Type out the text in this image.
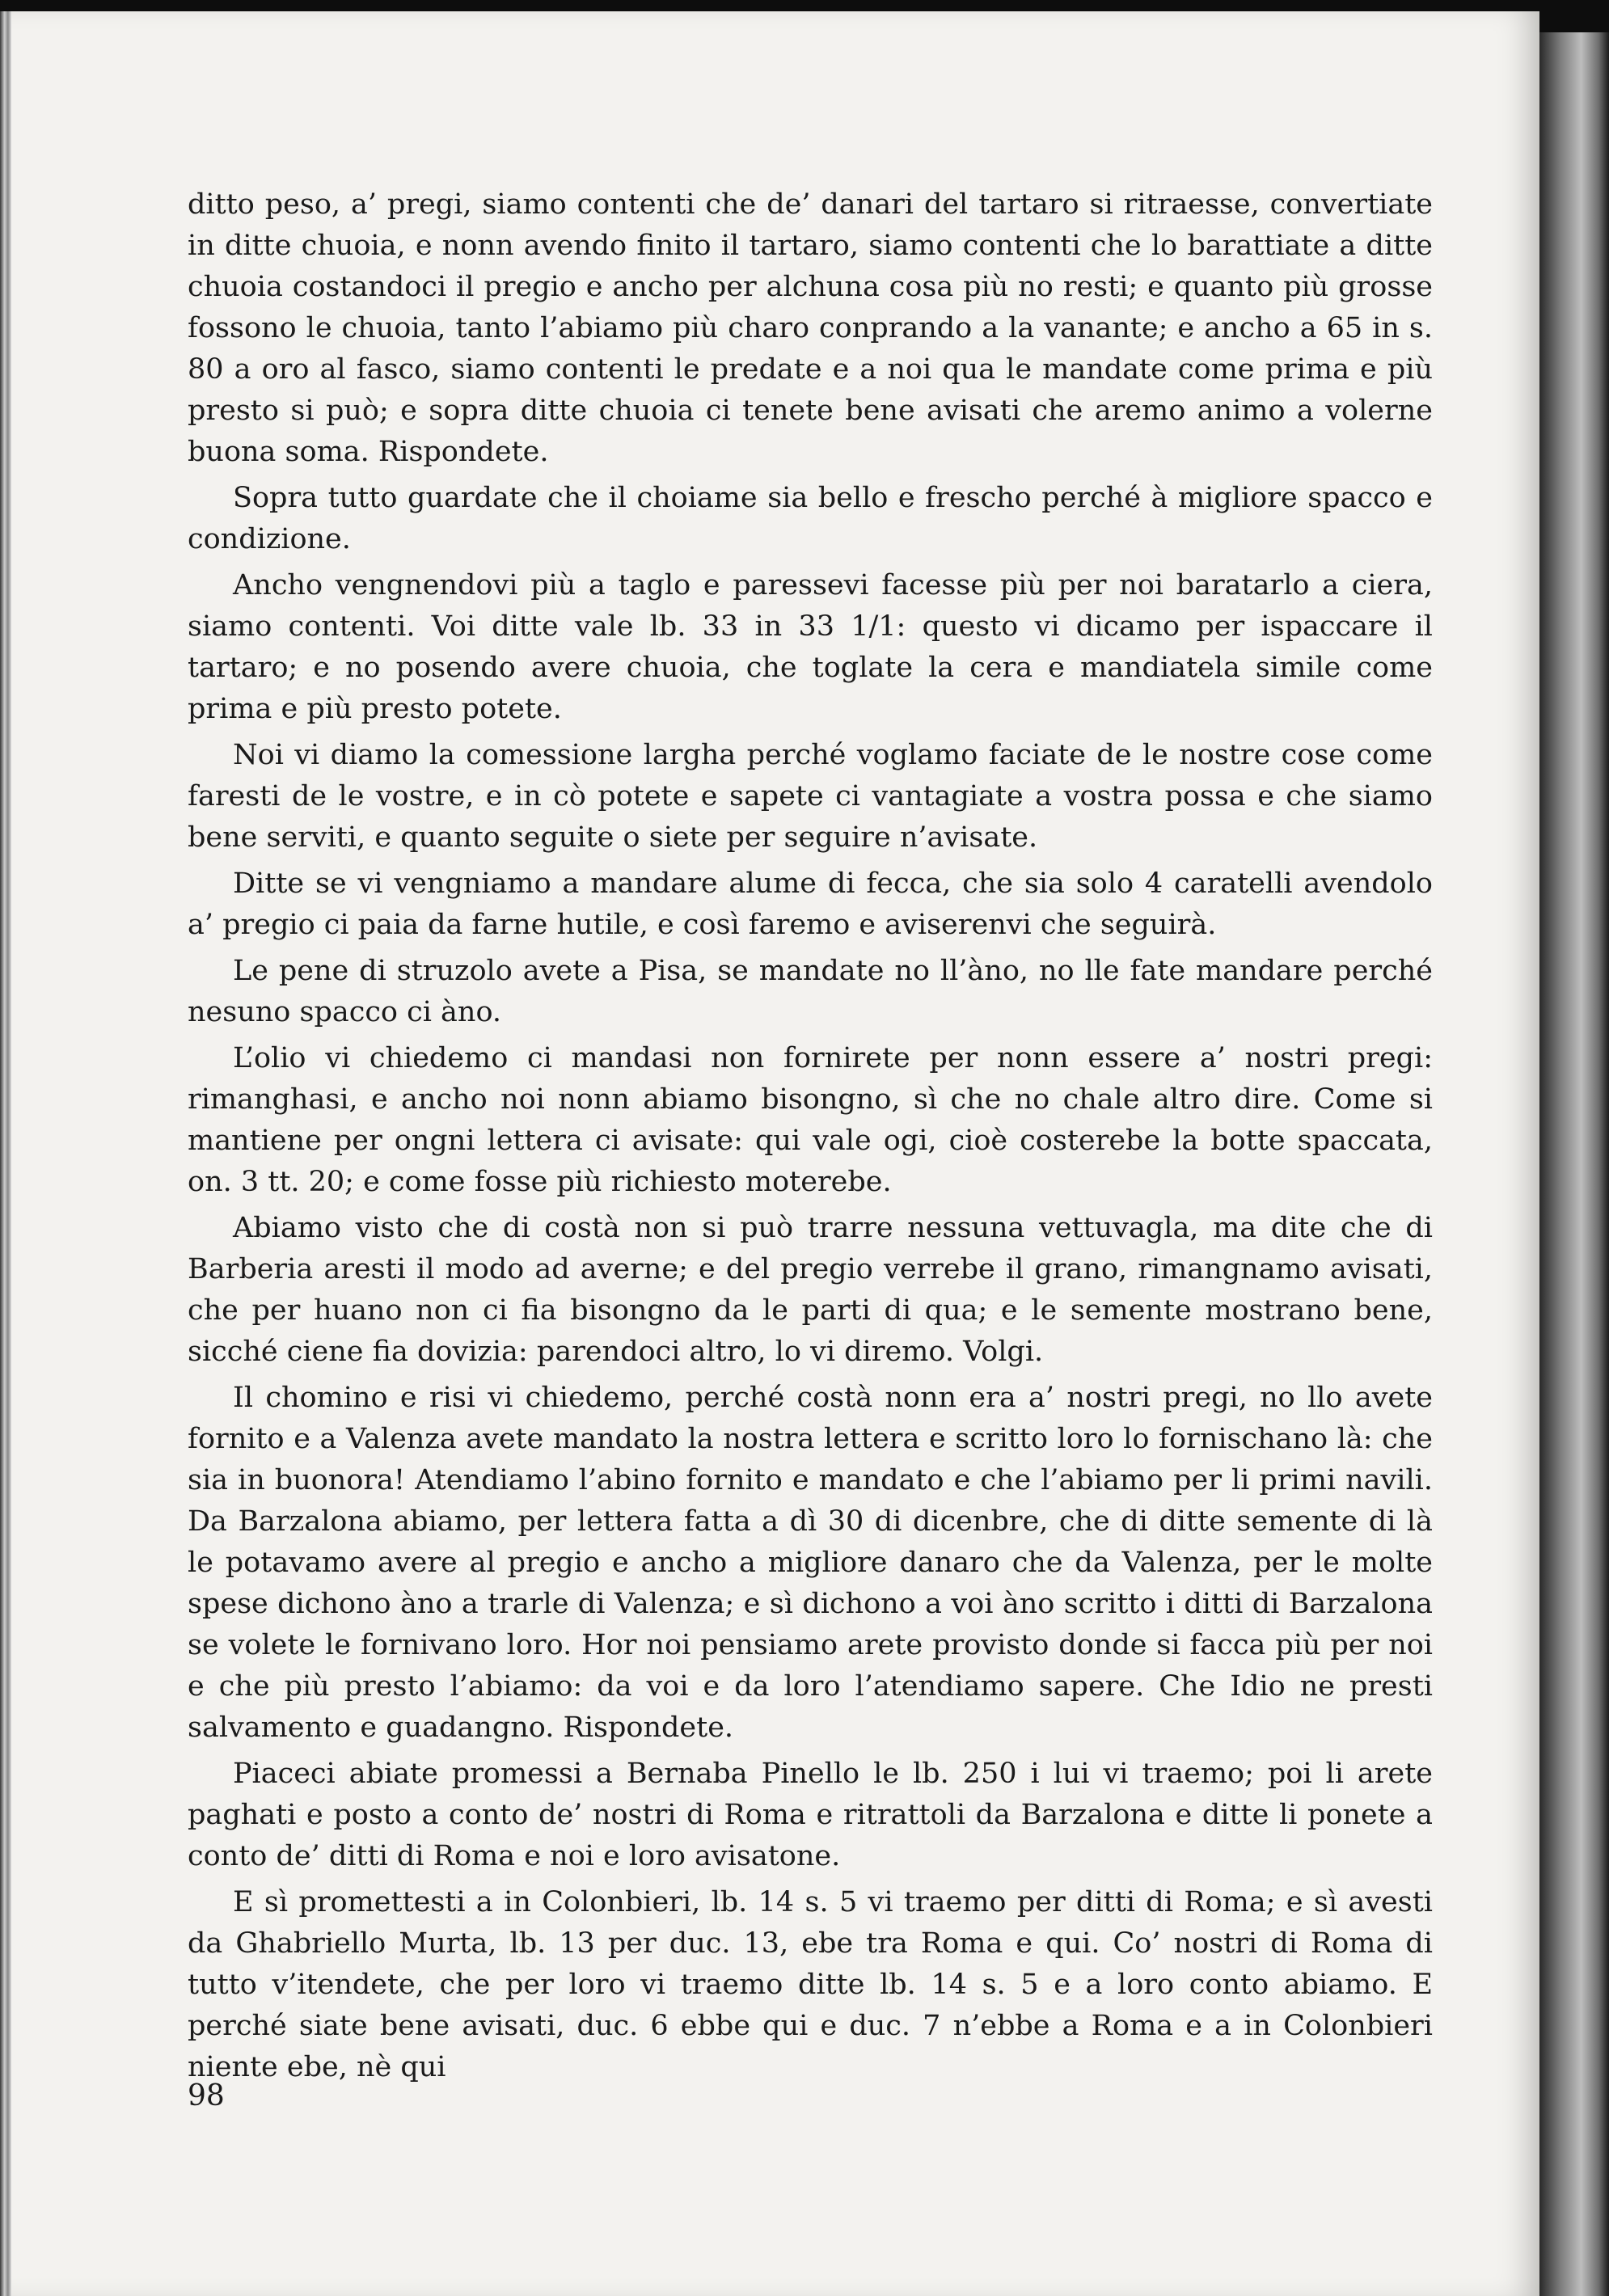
ditto peso, a’ pregi, siamo contenti che de’ danari del tartaro si ritraesse, convertiate in ditte chuoia, e nonn avendo finito il tartaro, siamo contenti che lo barattiate a ditte chuoia costandoci il pregio e ancho per alchuna cosa più no resti; e quanto più grosse fossono le chuoia, tanto l’abiamo più charo conprando a la vanante; e ancho a 65 in s. 80 a oro al fasco, siamo contenti le predate e a noi qua le mandate come prima e più presto si può; e sopra ditte chuoia ci tenete bene avisati che aremo animo a volerne buona soma. Rispondete.

Sopra tutto guardate che il choiame sia bello e frescho perché à migliore spacco e condizione.

Ancho vengnendovi più a taglo e paressevi facesse più per noi baratarlo a ciera, siamo contenti. Voi ditte vale lb. 33 in 33 1/1: questo vi dicamo per ispaccare il tartaro; e no posendo avere chuoia, che toglate la cera e mandiatela simile come prima e più presto potete.

Noi vi diamo la comessione largha perché voglamo faciate de le nostre cose come faresti de le vostre, e in cò potete e sapete ci vantagiate a vostra possa e che siamo bene serviti, e quanto seguite o siete per seguire n’avisate.

Ditte se vi vengniamo a mandare alume di fecca, che sia solo 4 caratelli avendolo a’ pregio ci paia da farne hutile, e così faremo e aviserenvi che seguirà.

Le pene di struzolo avete a Pisa, se mandate no ll’àno, no lle fate mandare perché nesuno spacco ci àno.

L’olio vi chiedemo ci mandasi non fornirete per nonn essere a’ nostri pregi: rimanghasi, e ancho noi nonn abiamo bisongno, sì che no chale altro dire. Come si mantiene per ongni lettera ci avisate: qui vale ogi, cioè costerebe la botte spaccata, on. 3 tt. 20; e come fosse più richiesto moterebe.

Abiamo visto che di costà non si può trarre nessuna vettuvagla, ma dite che di Barberia aresti il modo ad averne; e del pregio verrebe il grano, rimangnamo avisati, che per huano non ci fia bisongno da le parti di qua; e le semente mostrano bene, sicché ciene fia dovizia: parendoci altro, lo vi diremo. Volgi.

Il chomino e risi vi chiedemo, perché costà nonn era a’ nostri pregi, no llo avete fornito e a Valenza avete mandato la nostra lettera e scritto loro lo fornischano là: che sia in buonora! Atendiamo l’abino fornito e mandato e che l’abiamo per li primi navili. Da Barzalona abiamo, per lettera fatta a dì 30 di dicenbre, che di ditte semente di là le potavamo avere al pregio e ancho a migliore danaro che da Valenza, per le molte spese dichono àno a trarle di Valenza; e sì dichono a voi àno scritto i ditti di Barzalona se volete le fornivano loro. Hor noi pensiamo arete provisto donde si facca più per noi e che più presto l’abiamo: da voi e da loro l’atendiamo sapere. Che Idio ne presti salvamento e guadangno. Rispondete.

Piaceci abiate promessi a Bernaba Pinello le lb. 250 i lui vi traemo; poi li arete paghati e posto a conto de’ nostri di Roma e ritrattoli da Barzalona e ditte li ponete a conto de’ ditti di Roma e noi e loro avisatone.

E sì promettesti a in Colonbieri, lb. 14 s. 5 vi traemo per ditti di Roma; e sì avesti da Ghabriello Murta, lb. 13 per duc. 13, ebe tra Roma e qui. Co’ nostri di Roma di tutto v’itendete, che per loro vi traemo ditte lb. 14 s. 5 e a loro conto abiamo. E perché siate bene avisati, duc. 6 ebbe qui e duc. 7 n’ebbe a Roma e a in Colonbieri niente ebe, nè qui

98
